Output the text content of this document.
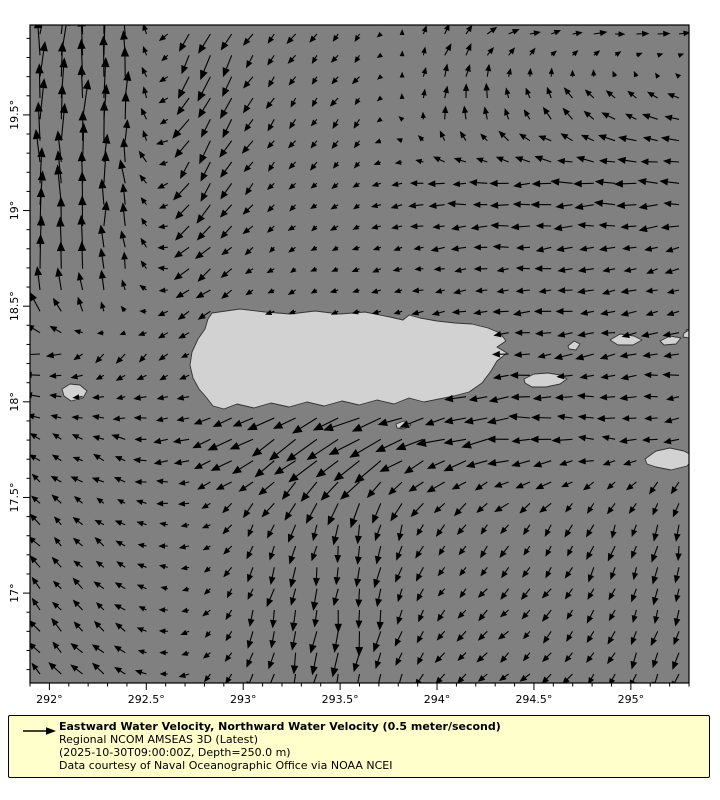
292°	292.5°	293°	293.5°	294°	294.5°	295°
17°
17.5°
18°
18.5°
19°
19.5°
Eastward Water Velocity, Northward Water Velocity (0.5 meter/second)
Regional NCOM AMSEAS 3D (Latest)
(2025-10-30T09:00:00Z, Depth=250.0 m)
Data courtesy of Naval Oceanographic Office via NOAA NCEI
